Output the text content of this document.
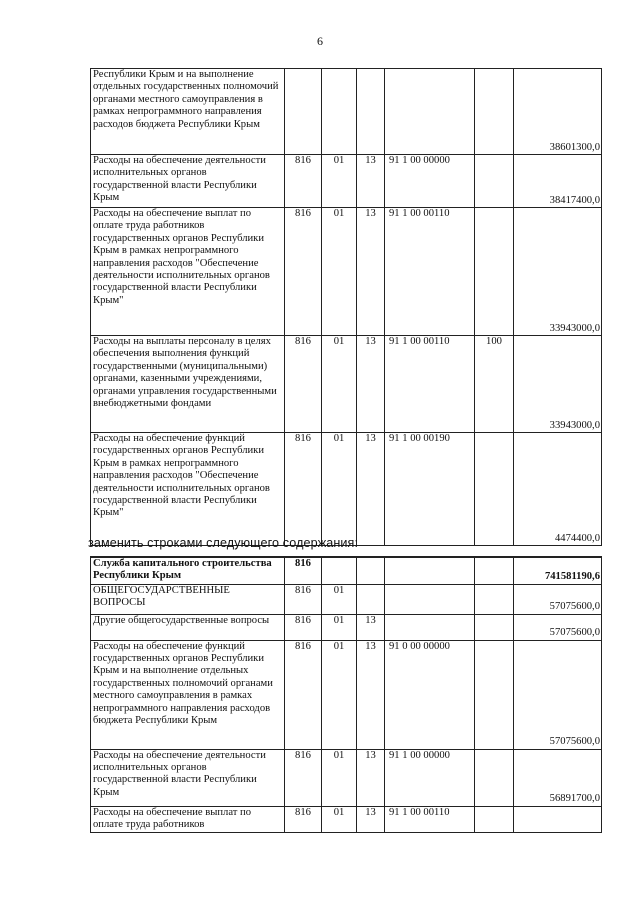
6
Республики Крым и на выполнение отдельных государственных полномочий органами местного самоуправления в рамках непрограммного направления расходов бюджета Республики Крым						38601300,0
Расходы на обеспечение деятельности исполнительных органов государственной власти Республики Крым	816	01	13	91 1 00 00000		38417400,0
Расходы на обеспечение выплат по оплате труда работников государственных органов Республики Крым в рамках непрограммного направления расходов "Обеспечение деятельности исполнительных органов государственной власти Республики Крым"	816	01	13	91 1 00 00110		33943000,0
Расходы на выплаты персоналу в целях обеспечения выполнения функций государственными (муниципальными) органами, казенными учреждениями, органами управления государственными внебюджетными фондами	816	01	13	91 1 00 00110	100	33943000,0
Расходы на обеспечение функций государственных органов Республики Крым в рамках непрограммного направления расходов "Обеспечение деятельности исполнительных органов государственной власти Республики Крым"	816	01	13	91 1 00 00190		4474400,0
заменить строками следующего содержания:
Служба капитального строительства Республики Крым	816					741581190,6
ОБЩЕГОСУДАРСТВЕННЫЕ ВОПРОСЫ	816	01				57075600,0
Другие общегосударственные вопросы	816	01	13			57075600,0
Расходы на обеспечение функций государственных органов Республики Крым и на выполнение отдельных государственных полномочий органами местного самоуправления в рамках непрограммного направления расходов бюджета Республики Крым	816	01	13	91 0 00 00000		57075600,0
Расходы на обеспечение деятельности исполнительных органов государственной власти Республики Крым	816	01	13	91 1 00 00000		56891700,0
Расходы на обеспечение выплат по оплате труда работников	816	01	13	91 1 00 00110		
